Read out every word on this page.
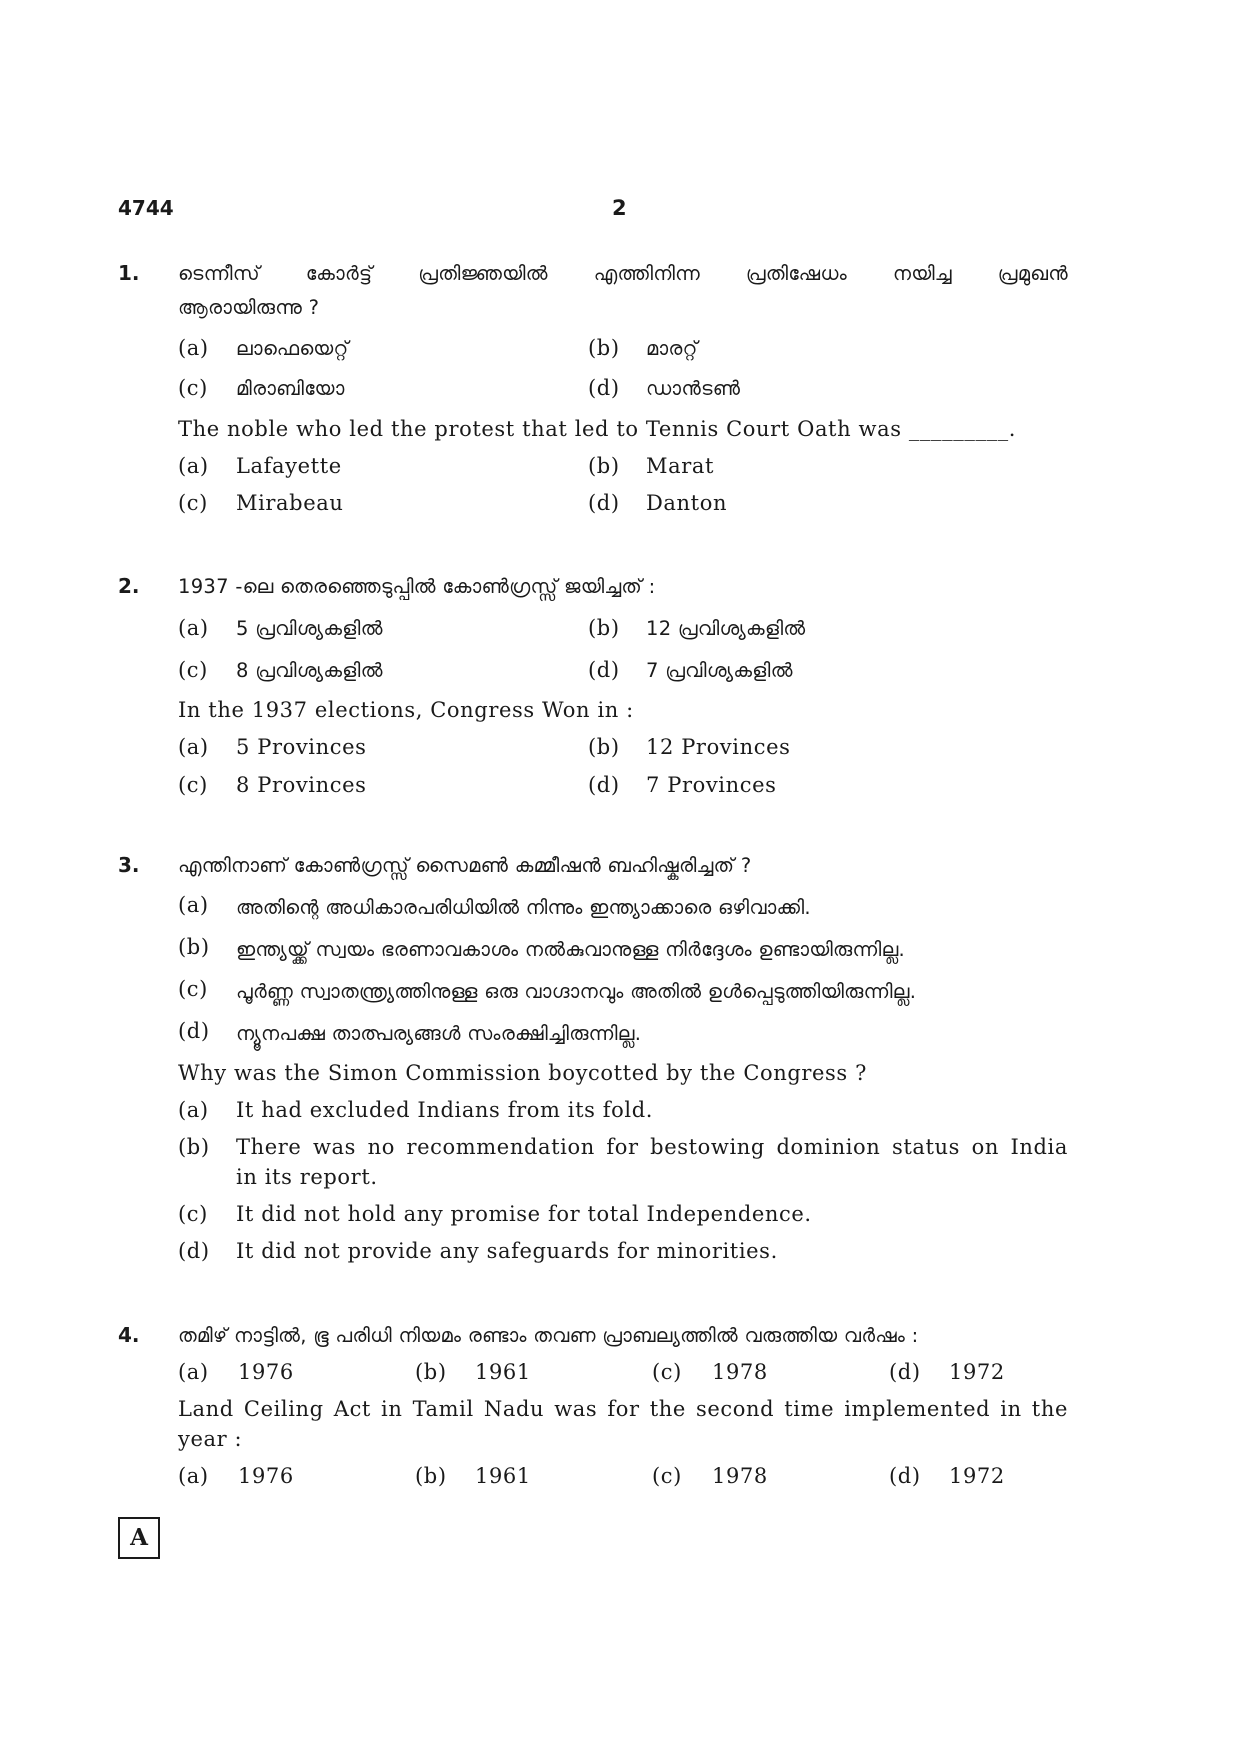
4744	2
1. ടെന്നീസ് കോർട്ട് പ്രതിജ്ഞയിൽ എത്തിനിന്ന പ്രതിഷേധം നയിച്ച പ്രമുഖൻ
ആരായിരുന്നു ?
(a) ലാഫെയെറ്റ്	(b) മാരറ്റ്
(c) മിരാബിയോ	(d) ഡാൻടൺ
The noble who led the protest that led to Tennis Court Oath was _________.
(a) Lafayette	(b) Marat
(c) Mirabeau	(d) Danton
2. 1937 -ലെ തെരഞ്ഞെടുപ്പിൽ കോൺഗ്രസ്സ് ജയിച്ചത് :
(a) 5 പ്രവിശ്യകളിൽ	(b) 12 പ്രവിശ്യകളിൽ
(c) 8 പ്രവിശ്യകളിൽ	(d) 7 പ്രവിശ്യകളിൽ
In the 1937 elections, Congress Won in :
(a) 5 Provinces	(b) 12 Provinces
(c) 8 Provinces	(d) 7 Provinces
3. എന്തിനാണ് കോൺഗ്രസ്സ് സൈമൺ കമ്മീഷൻ ബഹിഷ്കരിച്ചത് ?
(a) അതിന്റെ അധികാരപരിധിയിൽ നിന്നും ഇന്ത്യാക്കാരെ ഒഴിവാക്കി.
(b) ഇന്ത്യയ്ക്ക് സ്വയം ഭരണാവകാശം നൽകുവാനുള്ള നിർദ്ദേശം ഉണ്ടായിരുന്നില്ല.
(c) പൂർണ്ണ സ്വാതന്ത്ര്യത്തിനുള്ള ഒരു വാഗ്ദാനവും അതിൽ ഉൾപ്പെടുത്തിയിരുന്നില്ല.
(d) ന്യൂനപക്ഷ താത്പര്യങ്ങൾ സംരക്ഷിച്ചിരുന്നില്ല.
Why was the Simon Commission boycotted by the Congress ?
(a) It had excluded Indians from its fold.
(b) There was no recommendation for bestowing dominion status on India
in its report.
(c) It did not hold any promise for total Independence.
(d) It did not provide any safeguards for minorities.
4. തമിഴ് നാട്ടിൽ, ഭൂ പരിധി നിയമം രണ്ടാം തവണ പ്രാബല്യത്തിൽ വരുത്തിയ വർഷം :
(a) 1976	(b) 1961	(c) 1978	(d) 1972
Land Ceiling Act in Tamil Nadu was for the second time implemented in the
year :
(a) 1976	(b) 1961	(c) 1978	(d) 1972
A
